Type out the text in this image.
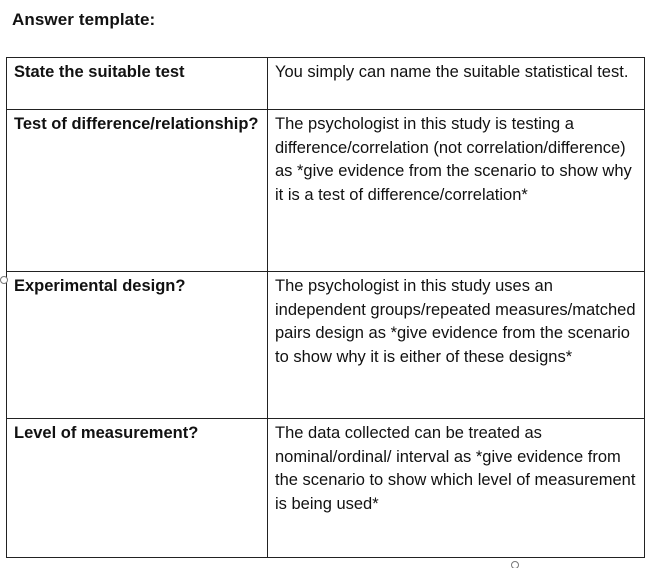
Answer template:
State the suitable test	You simply can name the suitable statistical test.
Test of difference/relationship?	The psychologist in this study is testing a difference/correlation (not correlation/difference) as *give evidence from the scenario to show why it is a test of difference/correlation*
Experimental design?	The psychologist in this study uses an independent groups/repeated measures/matched pairs design as *give evidence from the scenario to show why it is either of these designs*
Level of measurement?	The data collected can be treated as nominal/ordinal/ interval as *give evidence from the scenario to show which level of measurement is being used*
